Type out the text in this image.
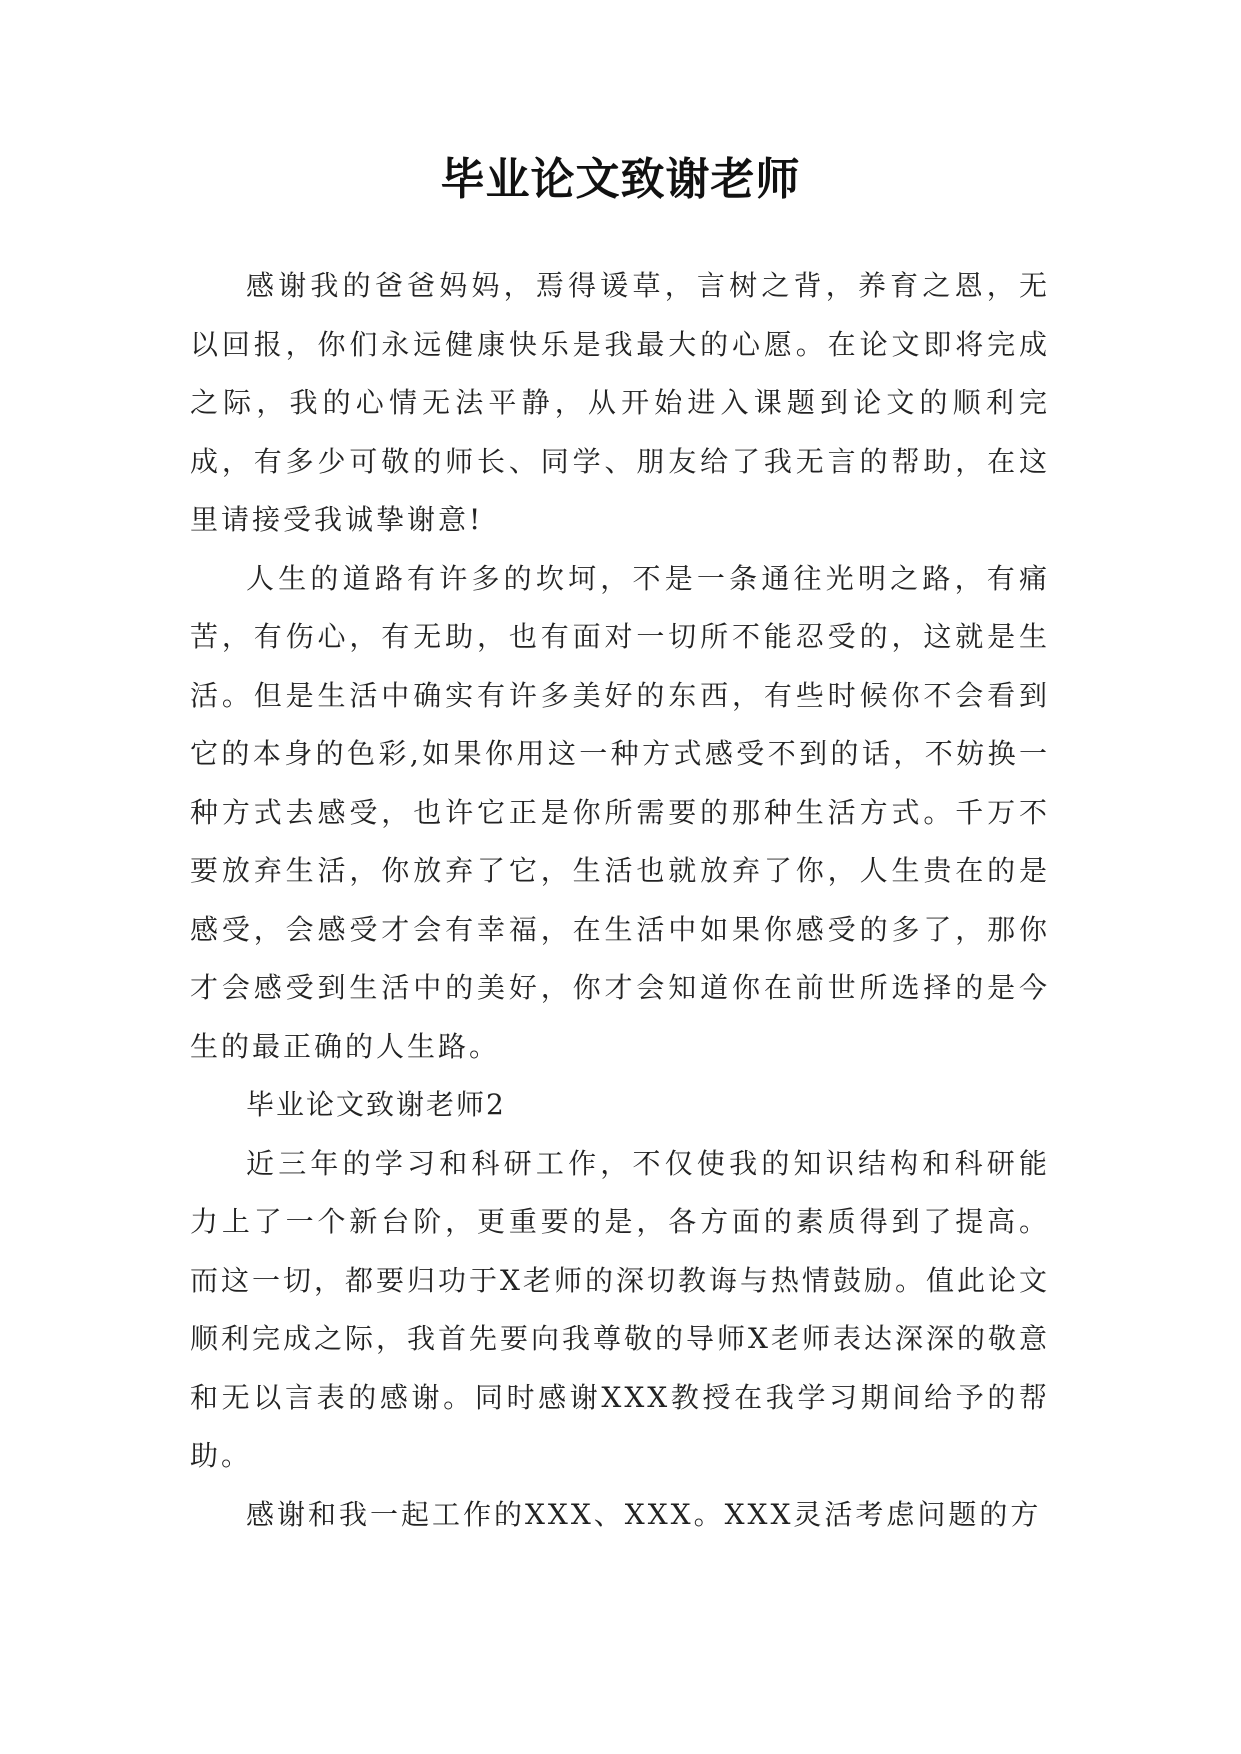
毕业论文致谢老师

感谢我的爸爸妈妈，焉得谖草，言树之背，养育之恩，无以回报，你们永远健康快乐是我最大的心愿。在论文即将完成之际，我的心情无法平静，从开始进入课题到论文的顺利完成，有多少可敬的师长、同学、朋友给了我无言的帮助，在这里请接受我诚挚谢意!

人生的道路有许多的坎坷，不是一条通往光明之路，有痛苦，有伤心，有无助，也有面对一切所不能忍受的，这就是生活。但是生活中确实有许多美好的东西，有些时候你不会看到它的本身的色彩,如果你用这一种方式感受不到的话，不妨换一种方式去感受，也许它正是你所需要的那种生活方式。千万不要放弃生活，你放弃了它，生活也就放弃了你，人生贵在的是感受，会感受才会有幸福，在生活中如果你感受的多了，那你才会感受到生活中的美好，你才会知道你在前世所选择的是今生的最正确的人生路。

毕业论文致谢老师2

近三年的学习和科研工作，不仅使我的知识结构和科研能力上了一个新台阶，更重要的是，各方面的素质得到了提高。而这一切，都要归功于X老师的深切教诲与热情鼓励。值此论文顺利完成之际，我首先要向我尊敬的导师X老师表达深深的敬意和无以言表的感谢。同时感谢XXX教授在我学习期间给予的帮助。

感谢和我一起工作的XXX、XXX。XXX灵活考虑问题的方
